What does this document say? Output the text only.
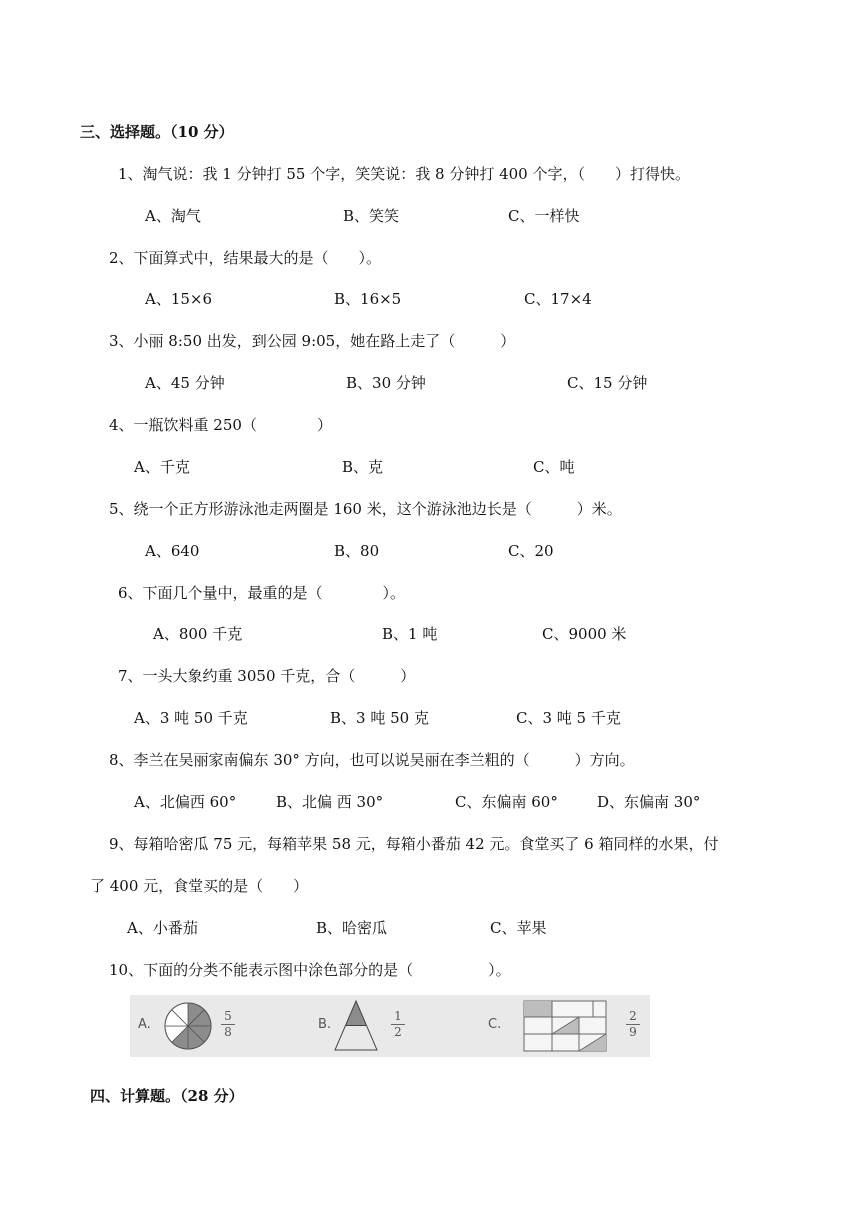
三、选择题。（10 分）
1、淘气说：我 1 分钟打 55 个字，笑笑说：我 8 分钟打 400 个字，（　　）打得快。
A、淘气	B、笑笑	C、一样快
2、下面算式中，结果最大的是（　　）。
A、15×6	B、16×5	C、17×4
3、小丽 8:50 出发，到公园 9:05，她在路上走了（　　　）
A、45 分钟	B、30 分钟	C、15 分钟
4、一瓶饮料重 250（　　　　）
A、千克	B、克	C、吨
5、绕一个正方形游泳池走两圈是 160 米，这个游泳池边长是（　　　）米。
A、640	B、80	C、20
6、下面几个量中，最重的是（　　　　）。
A、800 千克	B、1 吨	C、9000 米
7、一头大象约重 3050 千克，合（　　　）
A、3 吨 50 千克	B、3 吨 50 克	C、3 吨 5 千克
8、李兰在吴丽家南偏东 30° 方向，也可以说吴丽在李兰粗的（　　　）方向。
A、北偏西 60°	B、北偏 西 30°	C、东偏南 60°	D、东偏南 30°
9、每箱哈密瓜 75 元，每箱苹果 58 元，每箱小番茄 42 元。食堂买了 6 箱同样的水果，付
了 400 元，食堂买的是（　　）
A、小番茄	B、哈密瓜	C、苹果
10、下面的分类不能表示图中涂色部分的是（　　　　　）。
A.
5
8	B.
1
2	C.
2
9
四、计算题。（28 分）
